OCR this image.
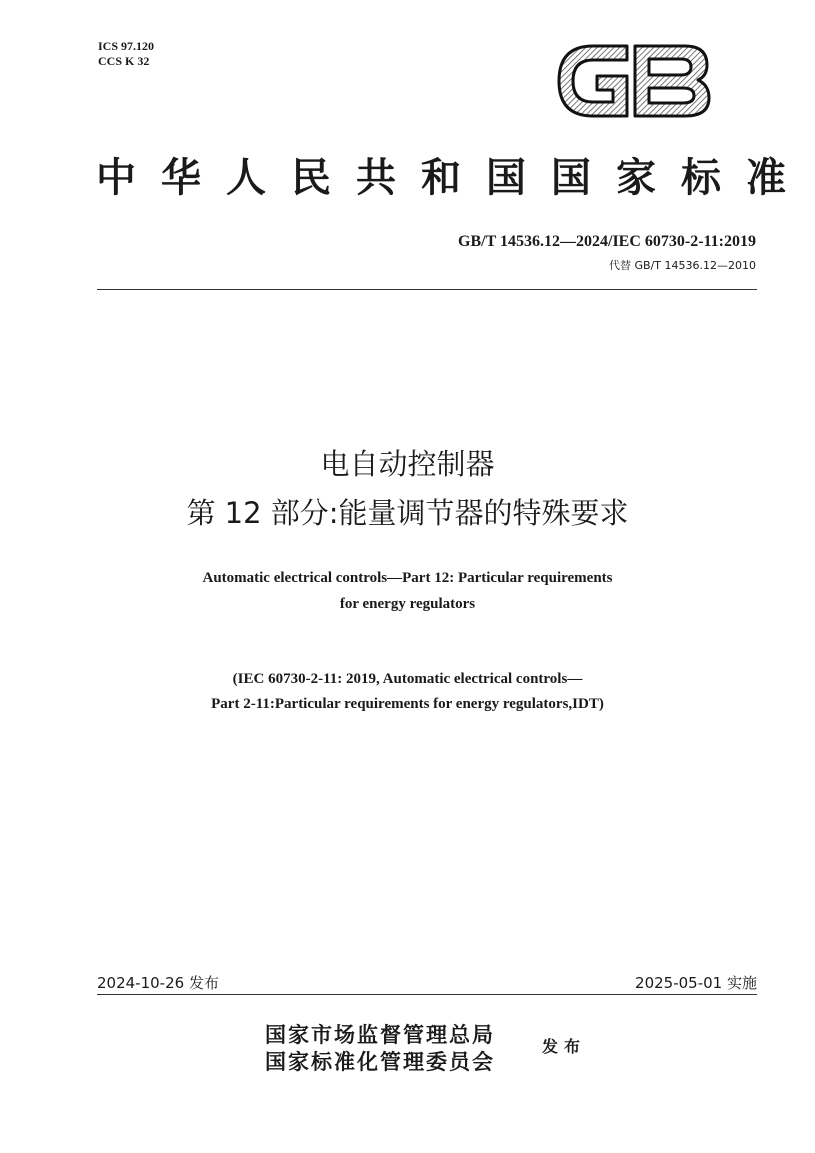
ICS 97.120
CCS K 32
中华人民共和国国家标准
GB/T 14536.12—2024/IEC 60730-2-11:2019
代替 GB/T 14536.12—2010
电自动控制器
第 12 部分:能量调节器的特殊要求
Automatic electrical controls—Part 12: Particular requirements
for energy regulators
(IEC 60730-2-11: 2019, Automatic electrical controls—
Part 2-11:Particular requirements for energy regulators,IDT)
2024-10-26 发布	2025-05-01 实施
国家市场监督管理总局
国家标准化管理委员会
发布
